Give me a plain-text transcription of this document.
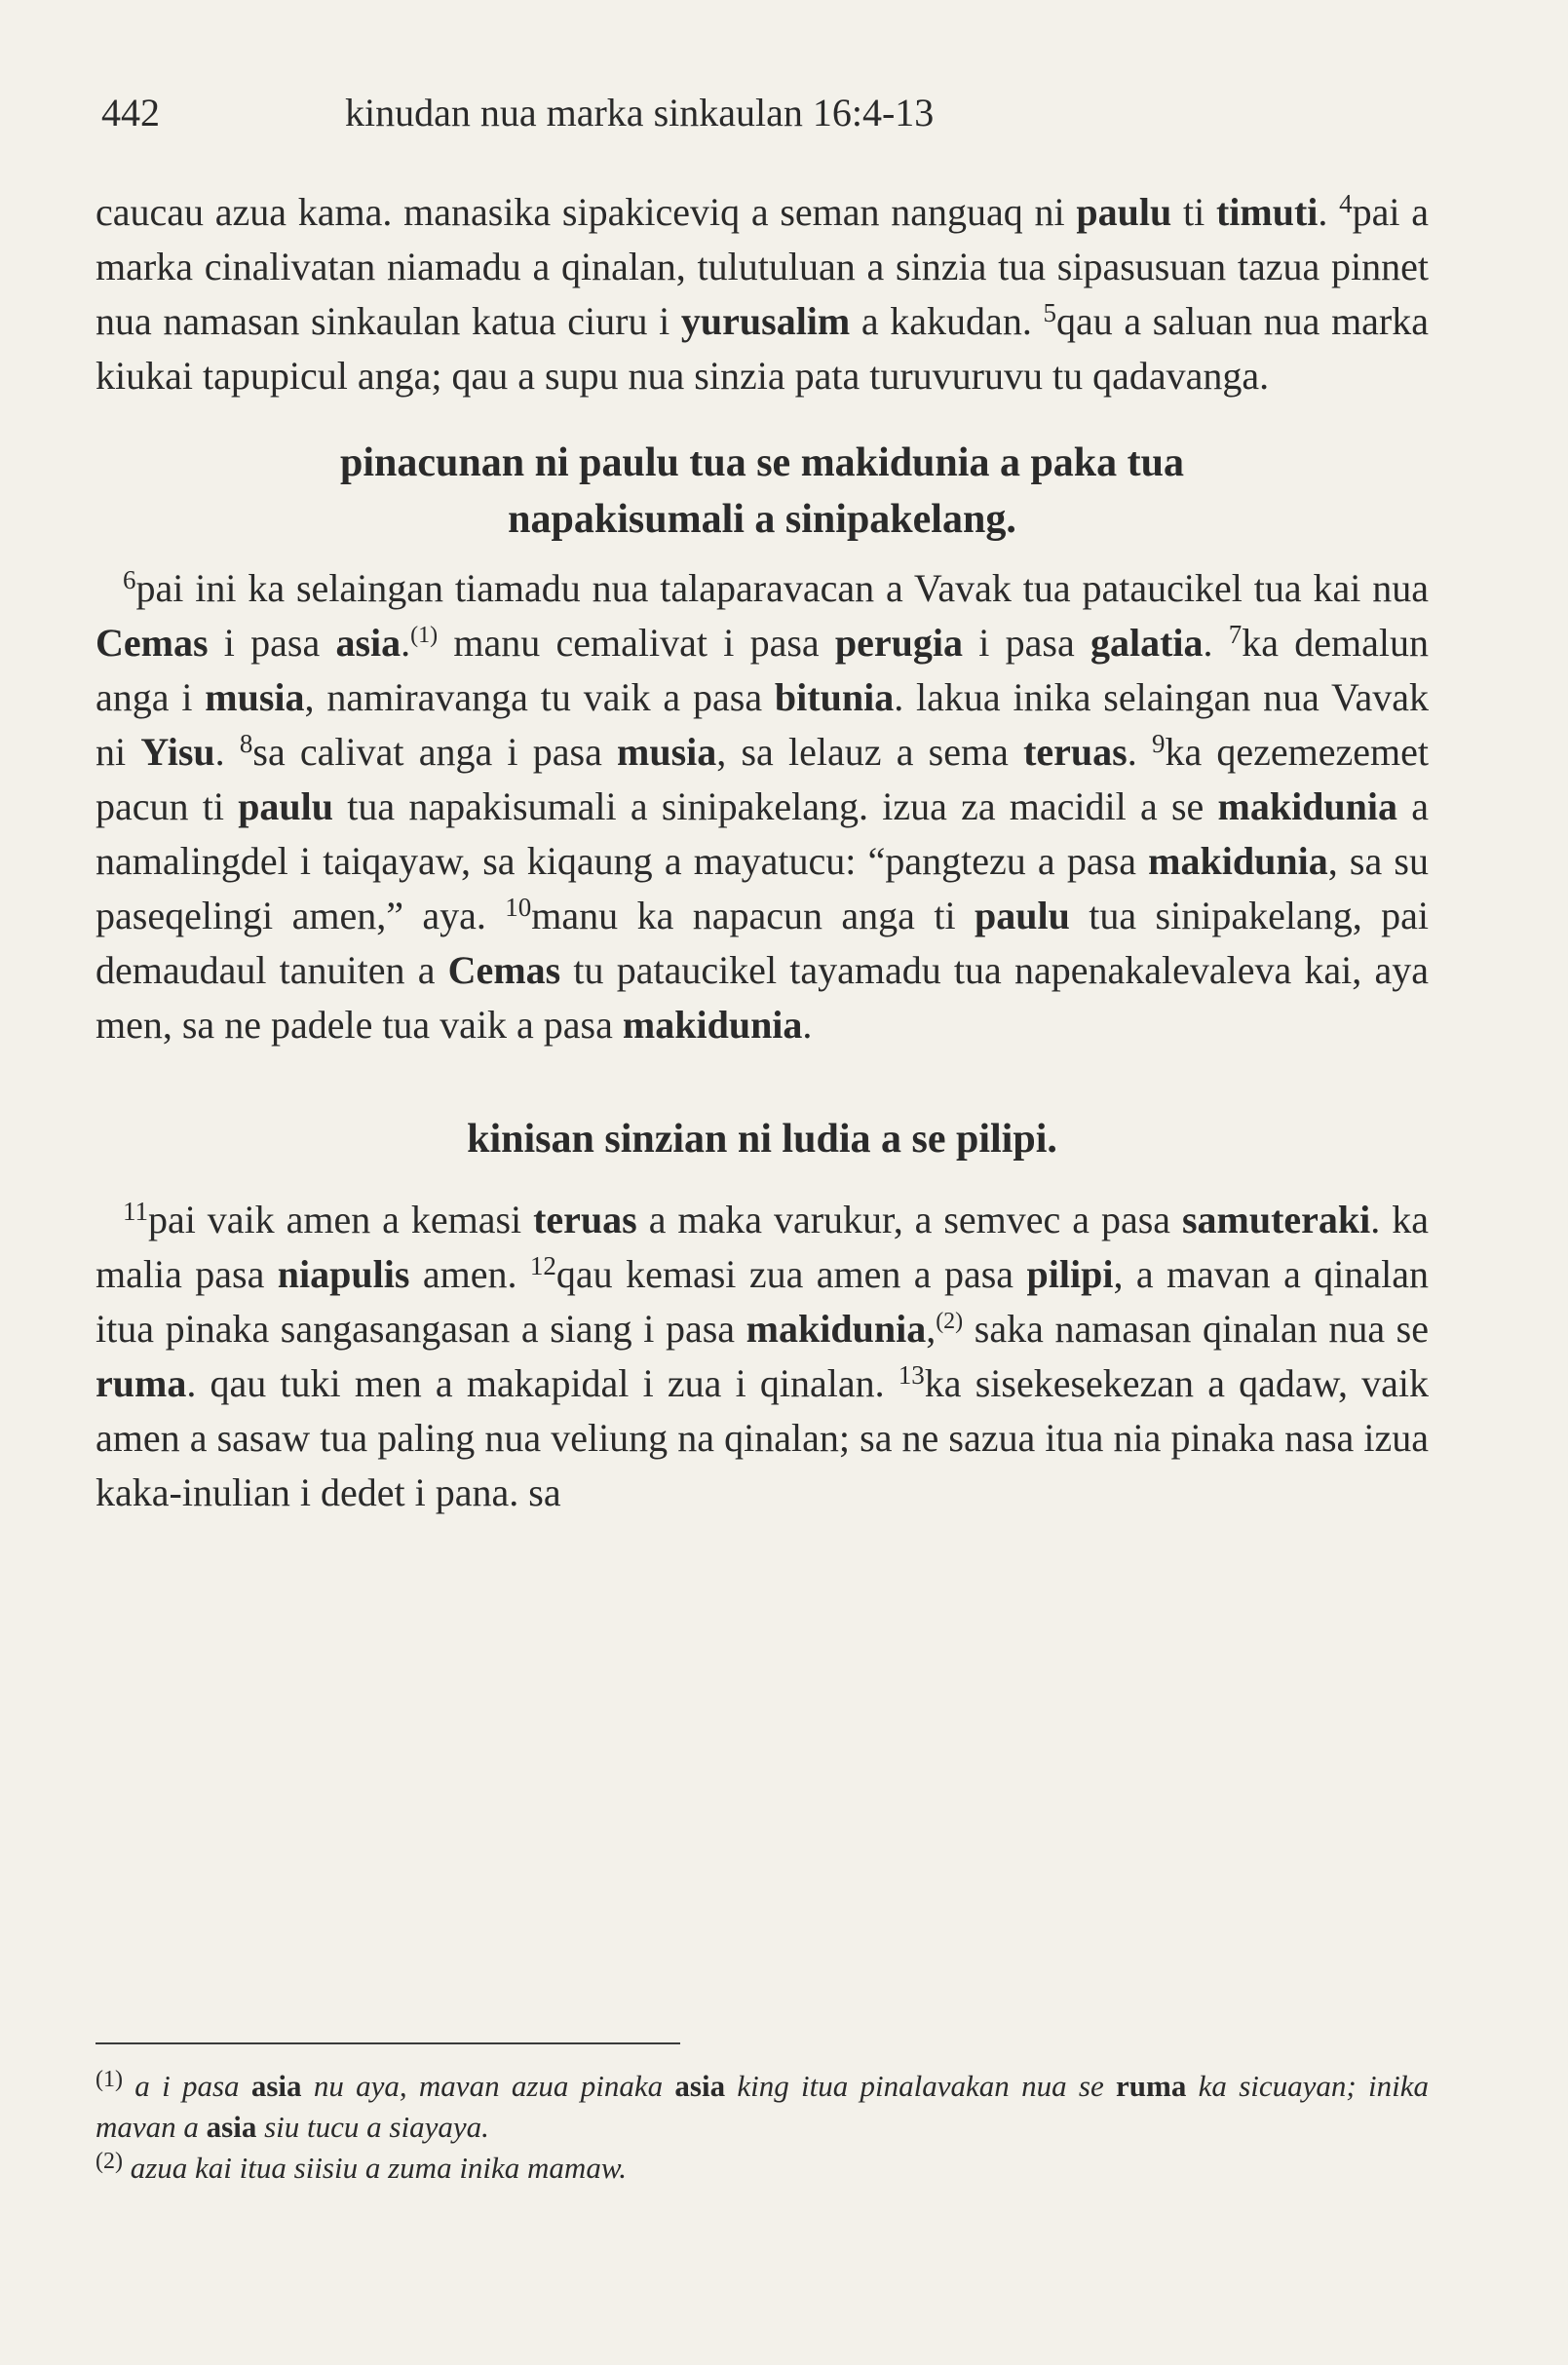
442	kinudan nua marka sinkaulan 16:4-13

caucau azua kama. manasika sipakiceviq a seman nanguaq ni paulu ti timuti. $^4$pai a marka cinalivatan niamadu a qinalan, tulutuluan a sinzia tua sipasusuan tazua pinnet nua namasan sinkaulan katua ciuru i yurusalim a kakudan. $^5$qau a saluan nua marka kiukai tapupicul anga; qau a supu nua sinzia pata turuvuruvu tu qadavanga.

pinacunan ni paulu tua se makidunia a paka tua
napakisumali a sinipakelang.

$^6$pai ini ka selaingan tiamadu nua talaparavacan a Vavak tua pataucikel tua kai nua Cemas i pasa asia.$^{(1)}$ manu cemalivat i pasa perugia i pasa galatia. $^7$ka demalun anga i musia, namiravanga tu vaik a pasa bitunia. lakua inika selaingan nua Vavak ni Yisu. $^8$sa calivat anga i pasa musia, sa lelauz a sema teruas. $^9$ka qezemezemet pacun ti paulu tua napakisumali a sinipakelang. izua za macidil a se makidunia a namalingdel i taiqayaw, sa kiqaung a mayatucu: “pangtezu a pasa makidunia, sa su paseqelingi amen,” aya. $^{10}$manu ka napacun anga ti paulu tua sinipakelang, pai demaudaul tanuiten a Cemas tu pataucikel tayamadu tua napenakalevaleva kai, aya men, sa ne padele tua vaik a pasa makidunia.

kinisan sinzian ni ludia a se pilipi.

$^{11}$pai vaik amen a kemasi teruas a maka varukur, a semvec a pasa samuteraki. ka malia pasa niapulis amen. $^{12}$qau kemasi zua amen a pasa pilipi, a mavan a qinalan itua pinaka sangasangasan a siang i pasa makidunia,$^{(2)}$ saka namasan qinalan nua se ruma. qau tuki men a makapidal i zua i qinalan. $^{13}$ka sisekesekezan a qadaw, vaik amen a sasaw tua paling nua veliung na qinalan; sa ne sazua itua nia pinaka nasa izua kaka-inulian i dedet i pana. sa

$^{(1)}$ a i pasa asia nu aya, mavan azua pinaka asia king itua pinalavakan nua se ruma ka sicuayan; inika mavan a asia siu tucu a siayaya.

$^{(2)}$ azua kai itua siisiu a zuma inika mamaw.
